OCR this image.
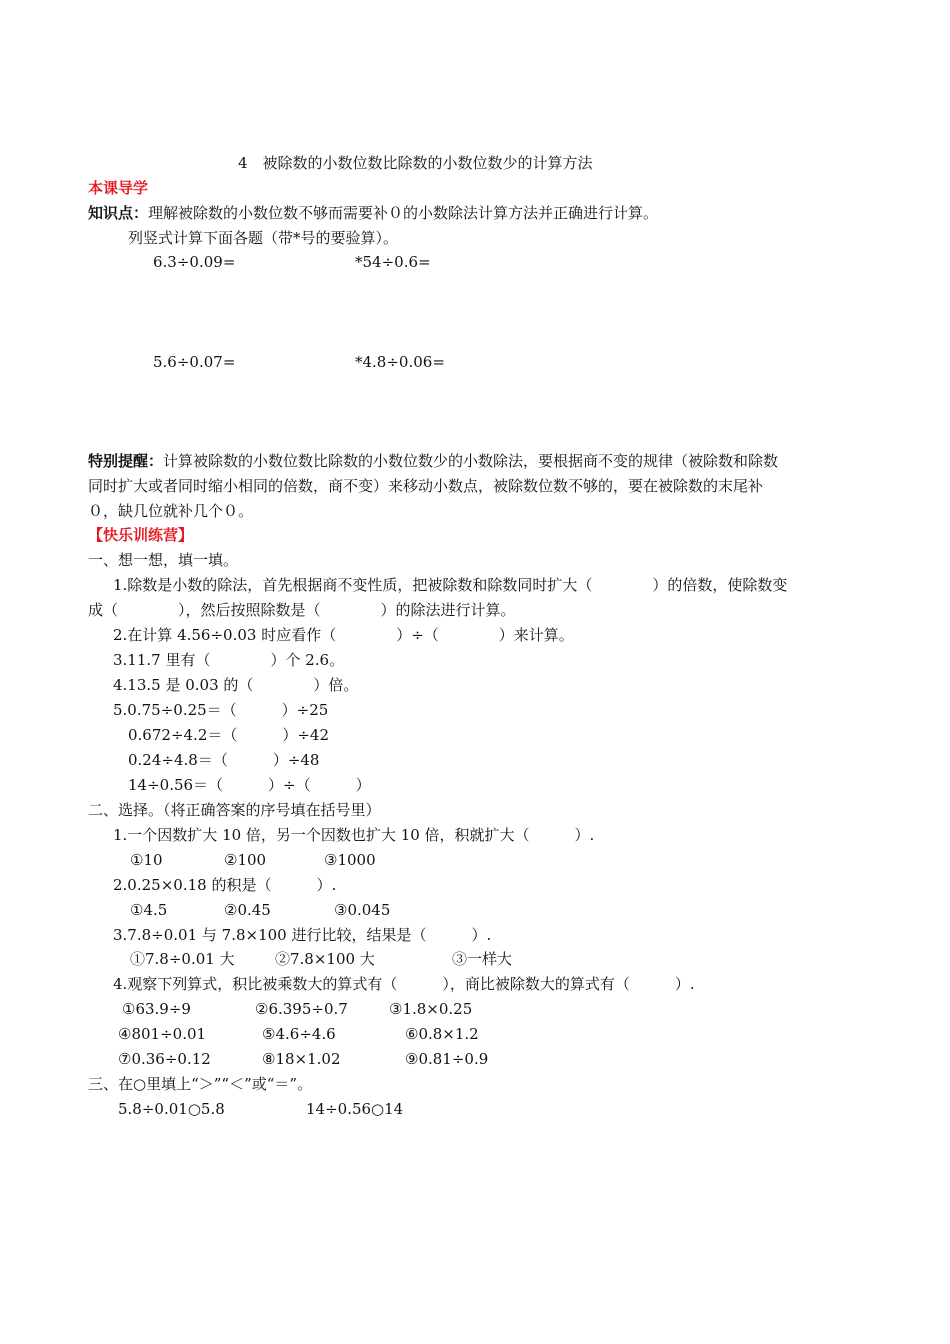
4　被除数的小数位数比除数的小数位数少的计算方法
本课导学
知识点：理解被除数的小数位数不够而需要补０的小数除法计算方法并正确进行计算。
列竖式计算下面各题（带*号的要验算）。
6.3÷0.09=	*54÷0.6=
5.6÷0.07=	*4.8÷0.06=
特别提醒：计算被除数的小数位数比除数的小数位数少的小数除法，要根据商不变的规律（被除数和除数
同时扩大或者同时缩小相同的倍数，商不变）来移动小数点，被除数位数不够的，要在被除数的末尾补
０，缺几位就补几个０。
【快乐训练营】
一、想一想，填一填。
1.除数是小数的除法，首先根据商不变性质，把被除数和除数同时扩大（　　　　）的倍数，使除数变
成（　　　　），然后按照除数是（　　　　）的除法进行计算。
2.在计算 4.56÷0.03 时应看作（　　　　）÷（　　　　）来计算。
3.11.7 里有（　　　　）个 2.6。
4.13.5 是 0.03 的（　　　　）倍。
5.0.75÷0.25＝（　　　）÷25
0.672÷4.2＝（　　　）÷42
0.24÷4.8＝（　　　）÷48
14÷0.56＝（　　　）÷（　　　）
二、选择。（将正确答案的序号填在括号里）
1.一个因数扩大 10 倍，另一个因数也扩大 10 倍，积就扩大（　　　）.
①10	②100	③1000
2.0.25×0.18 的积是（　　　）.
①4.5	②0.45	③0.045
3.7.8÷0.01 与 7.8×100 进行比较，结果是（　　　）.
①7.8÷0.01 大	②7.8×100 大	③一样大
4.观察下列算式，积比被乘数大的算式有（　　　），商比被除数大的算式有（　　　）.
①63.9÷9	②6.395÷0.7	③1.8×0.25
④801÷0.01	⑤4.6÷4.6	⑥0.8×1.2
⑦0.36÷0.12	⑧18×1.02	⑨0.81÷0.9
三、在○里填上“＞”“＜”或“＝”。
5.8÷0.01○5.8	14÷0.56○14
